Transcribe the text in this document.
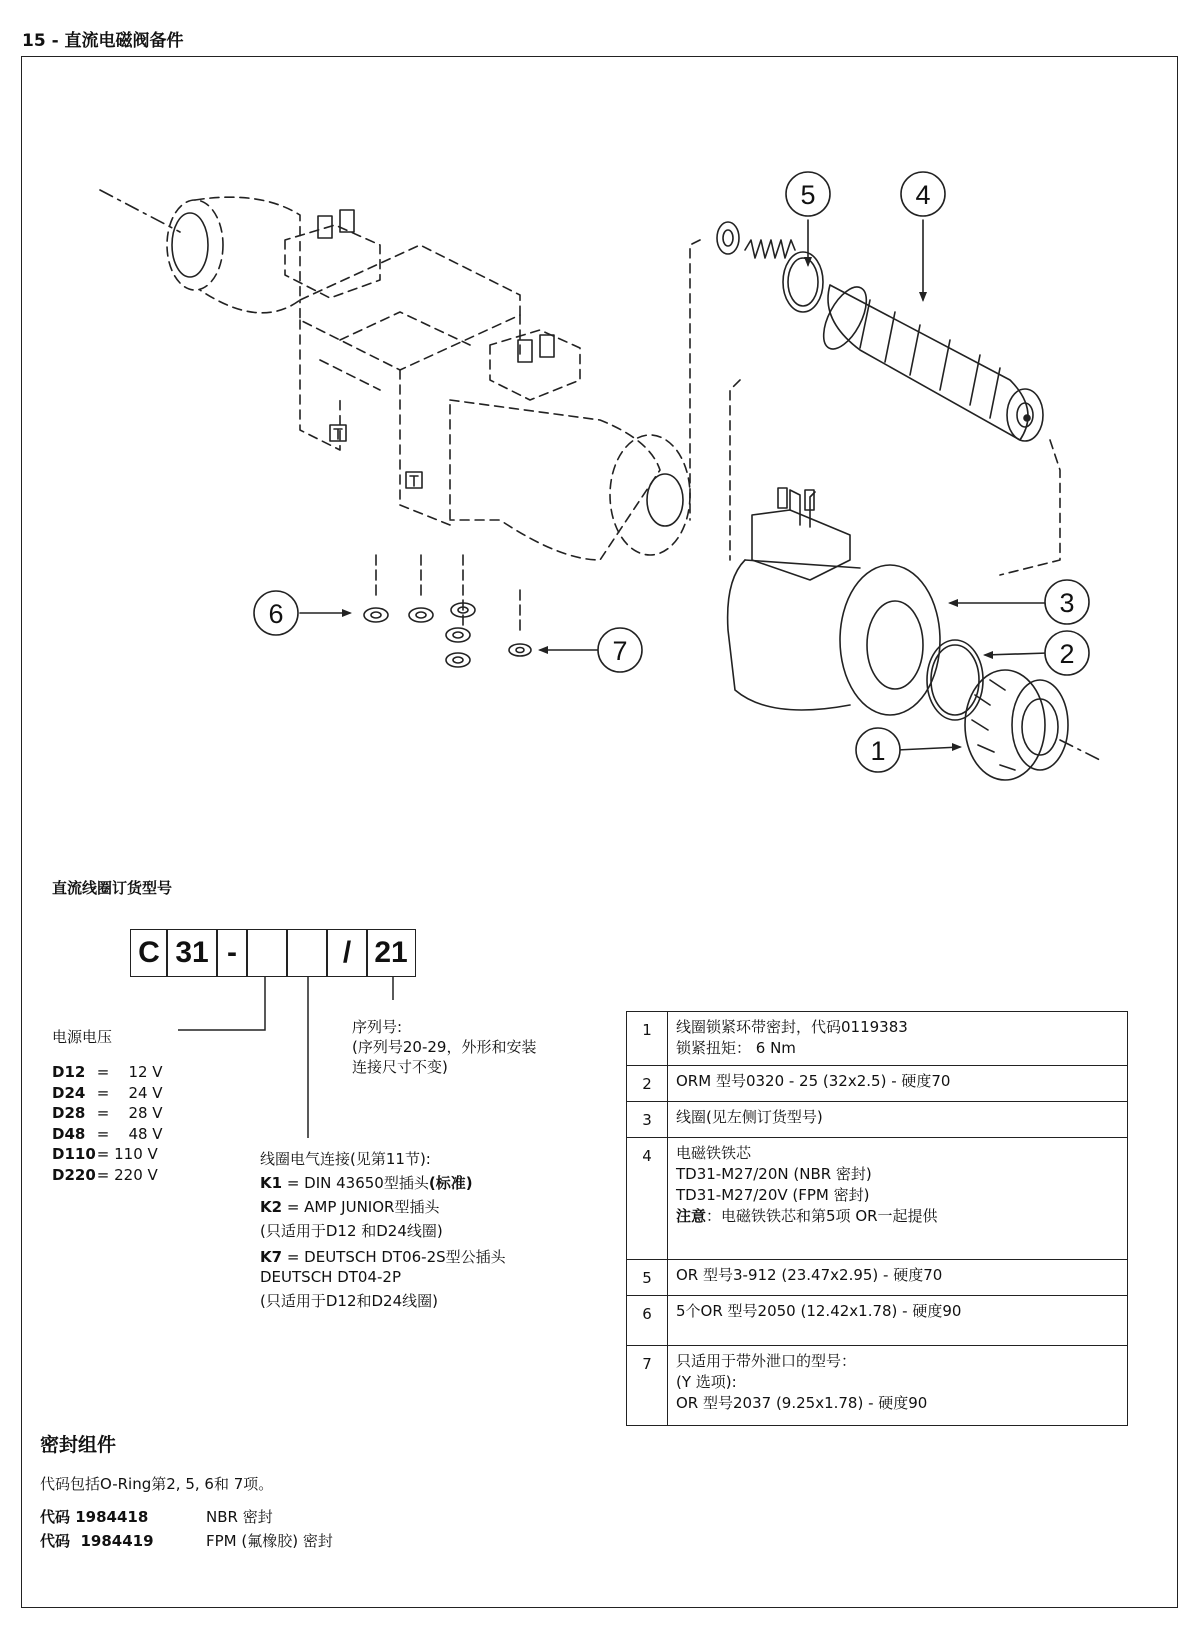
15 - 直流电磁阀备件
5	4
3
2
1
6
7
直流线圈订货型号
C 31 -	/ 21
电源电压
D12 = 12 V
D24 = 24 V
D28 = 28 V
D48 = 48 V
D110 = 110 V
D220 = 220 V
序列号:
(序列号20-29，外形和安装
连接尺寸不变)
线圈电气连接(见第11节):
K1 = DIN 43650型插头(标准)
K2 = AMP JUNIOR型插头
(只适用于D12 和D24线圈)
K7 = DEUTSCH DT06-2S型公插头
DEUTSCH DT04-2P
(只适用于D12和D24线圈)
1	线圈锁紧环带密封，代码0119383
锁紧扭矩： 6 Nm

2	ORM 型号0320 - 25 (32x2.5) - 硬度70

3	线圈(见左侧订货型号)

4	电磁铁铁芯
TD31-M27/20N (NBR 密封)
TD31-M27/20V (FPM 密封)
注意：电磁铁铁芯和第5项 OR一起提供

5	OR 型号3-912 (23.47x2.95) - 硬度70

6	5个OR 型号2050 (12.42x1.78) - 硬度90

7	只适用于带外泄口的型号：
(Y 选项):
OR 型号2037 (9.25x1.78) - 硬度90
密封组件
代码包括O-Ring第2, 5, 6和 7项。
代码 1984418	NBR 密封
代码  1984419	FPM (氟橡胶) 密封
